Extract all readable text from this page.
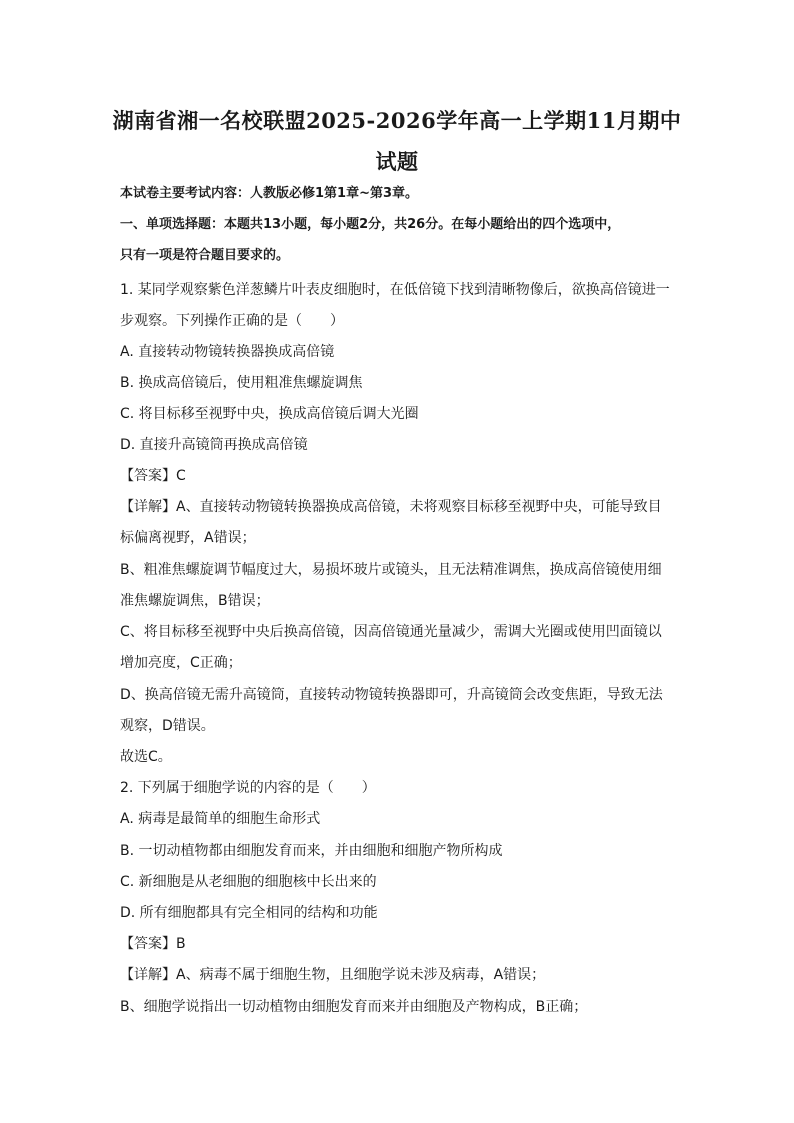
湖南省湘一名校联盟2025-2026学年高一上学期11月期中
试题
本试卷主要考试内容：人教版必修1第1章~第3章。
一、单项选择题：本题共13小题，每小题2分，共26分。在每小题给出的四个选项中，
只有一项是符合题目要求的。
1. 某同学观察紫色洋葱鳞片叶表皮细胞时，在低倍镜下找到清晰物像后，欲换高倍镜进一
步观察。下列操作正确的是（　　）
A. 直接转动物镜转换器换成高倍镜
B. 换成高倍镜后，使用粗准焦螺旋调焦
C. 将目标移至视野中央，换成高倍镜后调大光圈
D. 直接升高镜筒再换成高倍镜
【答案】C
【详解】A、直接转动物镜转换器换成高倍镜，未将观察目标移至视野中央，可能导致目
标偏离视野，A错误；
B、粗准焦螺旋调节幅度过大，易损坏玻片或镜头，且无法精准调焦，换成高倍镜使用细
准焦螺旋调焦，B错误；
C、将目标移至视野中央后换高倍镜，因高倍镜通光量减少，需调大光圈或使用凹面镜以
增加亮度，C正确；
D、换高倍镜无需升高镜筒，直接转动物镜转换器即可，升高镜筒会改变焦距，导致无法
观察，D错误。
故选C。
2. 下列属于细胞学说的内容的是（　　）
A. 病毒是最简单的细胞生命形式
B. 一切动植物都由细胞发育而来，并由细胞和细胞产物所构成
C. 新细胞是从老细胞的细胞核中长出来的
D. 所有细胞都具有完全相同的结构和功能
【答案】B
【详解】A、病毒不属于细胞生物，且细胞学说未涉及病毒，A错误；
B、细胞学说指出一切动植物由细胞发育而来并由细胞及产物构成，B正确；
